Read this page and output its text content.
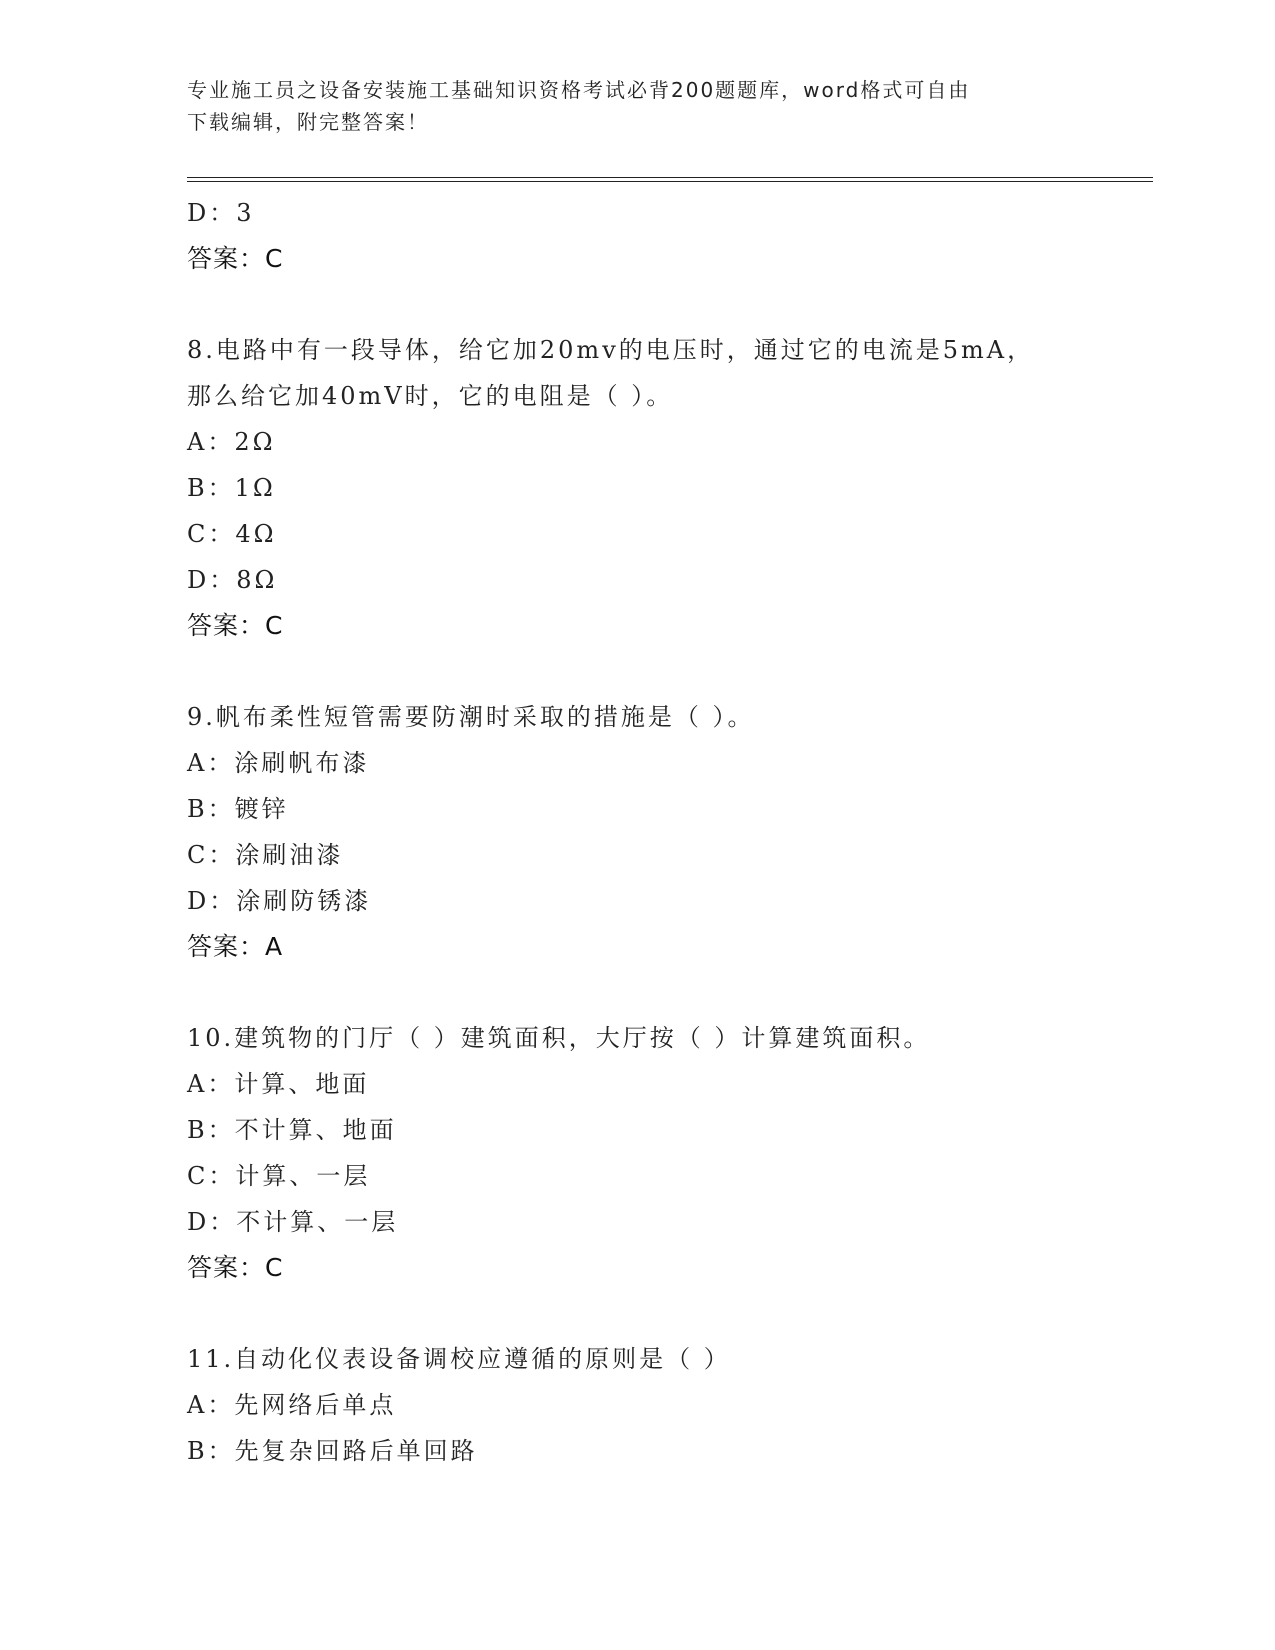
专业施工员之设备安装施工基础知识资格考试必背200题题库，word格式可自由
下载编辑，附完整答案！
D：3
答案：C
8.电路中有一段导体，给它加20mv的电压时，通过它的电流是5mA，
那么给它加40mV时，它的电阻是（ ）。
A：2Ω
B：1Ω
C：4Ω
D：8Ω
答案：C
9.帆布柔性短管需要防潮时采取的措施是（ ）。
A：涂刷帆布漆
B：镀锌
C：涂刷油漆
D：涂刷防锈漆
答案：A
10.建筑物的门厅（ ）建筑面积，大厅按（ ）计算建筑面积。
A：计算、地面
B：不计算、地面
C：计算、一层
D：不计算、一层
答案：C
11.自动化仪表设备调校应遵循的原则是（ ）
A：先网络后单点
B：先复杂回路后单回路
